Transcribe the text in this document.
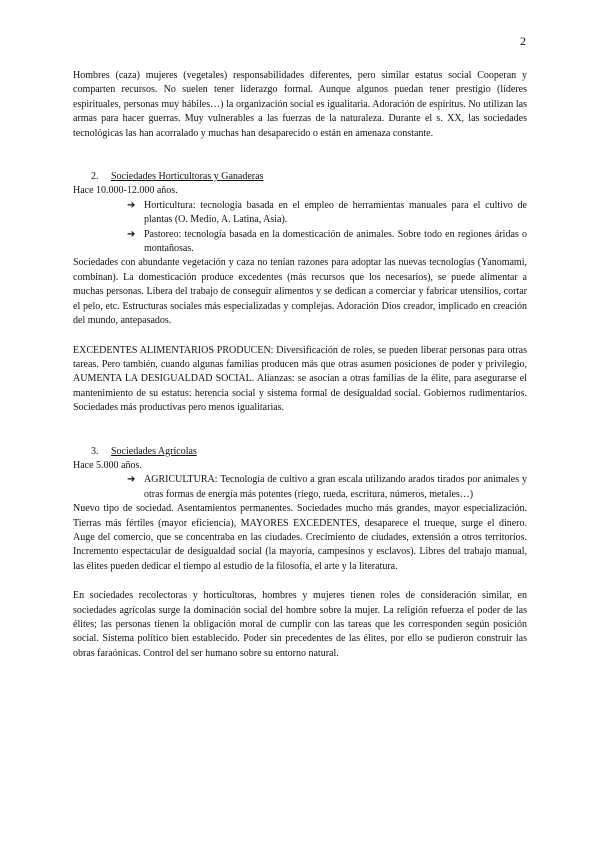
2

Hombres (caza) mujeres (vegetales) responsabilidades diferentes, pero similar estatus social Cooperan y comparten recursos. No suelen tener liderazgo formal. Aunque algunos puedan tener prestigio (líderes espirituales, personas muy hábiles…) la organización social es igualitaria. Adoración de espíritus. No utilizan las armas para hacer guerras. Muy vulnerables a las fuerzas de la naturaleza. Durante el s. XX, las sociedades tecnológicas las han acorralado y muchas han desaparecido o están en amenaza constante.

2.	Sociedades Horticultoras y Ganaderas

Hace 10.000-12.000 años.

➔ Horticultura: tecnología basada en el empleo de herramientas manuales para el cultivo de plantas (O. Medio, A. Latina, Asia).
➔ Pastoreo: tecnología basada en la domesticación de animales. Sobre todo en regiones áridas o montañosas.

Sociedades con abundante vegetación y caza no tenían razones para adoptar las nuevas tecnologías (Yanomami, combinan). La domesticación produce excedentes (más recursos que los necesarios), se puede alimentar a muchas personas. Libera del trabajo de conseguir alimentos y se dedican a comerciar y fabricar utensilios, cortar el pelo, etc. Estructuras sociales más especializadas y complejas. Adoración Dios creador, implicado en creación del mundo, antepasados.

EXCEDENTES ALIMENTARIOS PRODUCEN: Diversificación de roles, se pueden liberar personas para otras tareas. Pero también, cuando algunas familias producen más que otras asumen posiciones de poder y privilegio, AUMENTA LA DESIGUALDAD SOCIAL. Alianzas: se asocian a otras familias de la élite, para asegurarse el mantenimiento de su estatus: herencia social y sistema formal de desigualdad social. Gobiernos rudimentarios. Sociedades más productivas pero menos igualitarias.

3.	Sociedades Agrícolas

Hace 5.000 años.

➔ AGRICULTURA: Tecnología de cultivo a gran escala utilizando arados tirados por animales y otras formas de energía más potentes (riego, rueda, escritura, números, metales…)

Nuevo tipo de sociedad. Asentamientos permanentes. Sociedades mucho más grandes, mayor especialización. Tierras más fértiles (mayor eficiencia), MAYORES EXCEDENTES, desaparece el trueque, surge el dinero. Auge del comercio, que se concentraba en las ciudades. Crecimiento de ciudades, extensión a otros territorios. Incremento espectacular de desigualdad social (la mayoría, campesinos y esclavos). Libres del trabajo manual, las élites pueden dedicar el tiempo al estudio de la filosofía, el arte y la literatura.

En sociedades recolectoras y horticultoras, hombres y mujeres tienen roles de consideración similar, en sociedades agrícolas surge la dominación social del hombre sobre la mujer. La religión refuerza el poder de las élites; las personas tienen la obligación moral de cumplir con las tareas que les corresponden según posición social. Sistema político bien establecido. Poder sin precedentes de las élites, por ello se pudieron construir las obras faraónicas. Control del ser humano sobre su entorno natural.
